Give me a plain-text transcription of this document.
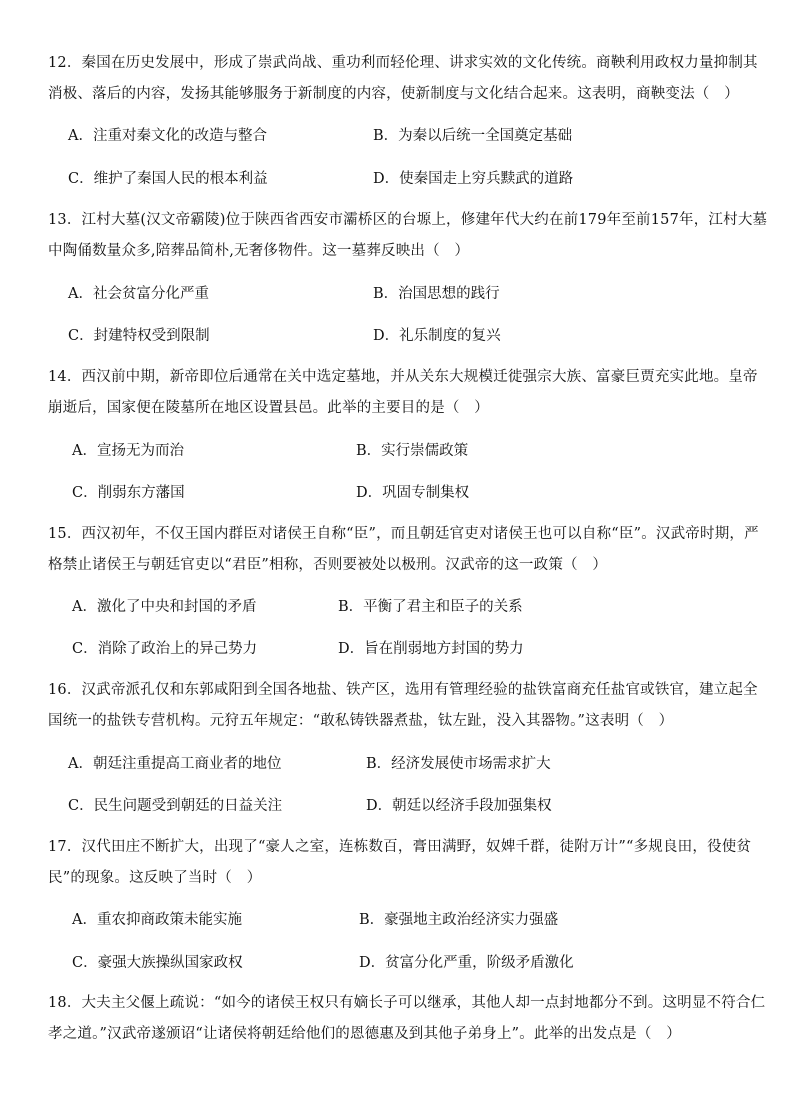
12．秦国在历史发展中，形成了崇武尚战、重功利而轻伦理、讲求实效的文化传统。商鞅利用政权力量抑制其消极、落后的内容，发扬其能够服务于新制度的内容，使新制度与文化结合起来。这表明，商鞅变法（　）
A．注重对秦文化的改造与整合	B．为秦以后统一全国奠定基础
C．维护了秦国人民的根本利益	D．使秦国走上穷兵黩武的道路
13．江村大墓(汉文帝霸陵)位于陕西省西安市灞桥区的台塬上，修建年代大约在前179年至前157年，江村大墓中陶俑数量众多,陪葬品简朴,无奢侈物件。这一墓葬反映出（　）
A．社会贫富分化严重	B．治国思想的践行
C．封建特权受到限制	D．礼乐制度的复兴
14．西汉前中期，新帝即位后通常在关中选定墓地，并从关东大规模迁徙强宗大族、富豪巨贾充实此地。皇帝崩逝后，国家便在陵墓所在地区设置县邑。此举的主要目的是（　）
A．宣扬无为而治	B．实行崇儒政策
C．削弱东方藩国	D．巩固专制集权
15．西汉初年，不仅王国内群臣对诸侯王自称“臣”，而且朝廷官吏对诸侯王也可以自称“臣”。汉武帝时期，严格禁止诸侯王与朝廷官吏以“君臣”相称，否则要被处以极刑。汉武帝的这一政策（　）
A．激化了中央和封国的矛盾	B．平衡了君主和臣子的关系
C．消除了政治上的异己势力	D．旨在削弱地方封国的势力
16．汉武帝派孔仅和东郭咸阳到全国各地盐、铁产区，选用有管理经验的盐铁富商充任盐官或铁官，建立起全国统一的盐铁专营机构。元狩五年规定：“敢私铸铁器煮盐，钛左趾，没入其器物。”这表明（　）
A．朝廷注重提高工商业者的地位	B．经济发展使市场需求扩大
C．民生问题受到朝廷的日益关注	D．朝廷以经济手段加强集权
17．汉代田庄不断扩大，出现了“豪人之室，连栋数百，膏田满野，奴婢千群，徒附万计”“多规良田，役使贫民”的现象。这反映了当时（　）
A．重农抑商政策未能实施	B．豪强地主政治经济实力强盛
C．豪强大族操纵国家政权	D．贫富分化严重，阶级矛盾激化
18．大夫主父偃上疏说：“如今的诸侯王权只有嫡长子可以继承，其他人却一点封地都分不到。这明显不符合仁孝之道。”汉武帝遂颁诏“让诸侯将朝廷给他们的恩德惠及到其他子弟身上”。此举的出发点是（　）
